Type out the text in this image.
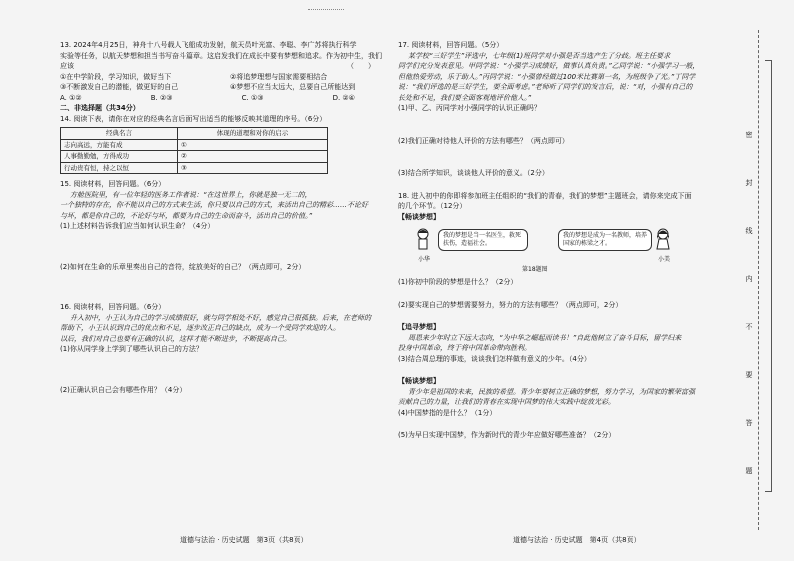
13. 2024年4月25日，神舟十八号载人飞船成功发射，航天员叶光富、李聪、李广苏将执行科学
实验等任务，以航天梦想和担当书写奋斗篇章。这启发我们在成长中要有梦想和追求。作为初中生，我们
应该	（　　）
①在中学阶段，学习知识，做好当下	②将追梦理想与国家需要相结合
③不断激发自己的潜能，做更好的自己	④梦想不应当太远大，总要自己所能达到
A. ①②	B. ②③	C. ①③	D. ②④
二、非选择题（共34分）
14. 阅读下表，请你在对应的经典名言后面写出适当的能够反映其道理的序号。（6分）
经典名言	体现的道理和对你的启示
志向高远，方能有成	①
人事勤勤勉，方得成功	②
行动贵有恒，持之以恒	③
15. 阅读材料，回答问题。（6分）
方舱医院里，有一位年轻的医务工作者说：“在这世界上，你就是独一无二的，
一个独特的存在，你不能以自己的方式来生活，你只要以自己的方式，来活出自己的精彩……不论好
与坏，都是你自己的，不论好与坏，都要为自己的生命而奋斗，活出自己的价值。”
(1)上述材料告诉我们应当如何认识生命？（4分）
(2)如何在生命的乐章里奏出自己的音符，绽放美好的自己？（两点即可，2分）
16. 阅读材料，回答问题。（6分）
升入初中，小王认为自己的学习成绩很好，就与同学相处不好，感觉自己很孤独。后来，在老师的
帮助下，小王认识到自己的优点和不足，逐步改正自己的缺点，成为一个受同学欢迎的人。
以后，我们对自己也要有正确的认识，这样才能不断进步，不断提高自己。
(1)你从同学身上学到了哪些认识自己的方法？
(2)正确认识自己会有哪些作用？（4分）
17. 阅读材料，回答问题。（5分）
某学校“三好学生”评选中，七年级(1)班同学对小强是否当选产生了分歧。班主任要求
同学们充分发表意见。甲同学说：“小强学习成绩好，做事认真负责。”乙同学说：“小强学习一般，
但他热爱劳动，乐于助人。”丙同学说：“小强曾经做过100米比赛第一名，为班级争了光。”丁同学
说：“我们评选的是三好学生，要全面考虑。”老师听了同学们的发言后，说：“对，小强有自己的
长处和不足，我们要全面客观地评价他人。”
(1)甲、乙、丙同学对小强同学的认识正确吗？
(2)我们正确对待他人评价的方法有哪些？（两点即可）
(3)结合所学知识，谈谈他人评价的意义。（2分）
18. 进入初中的你即将参加班主任组织的“我们的青春，我们的梦想”主题班会，请你来完成下面
的几个环节。（12分）
【畅谈梦想】
我的梦想是当一名医生，救死扶伤，造福社会。
我的梦想是成为一名教师，培养国家的栋梁之才。
小华	小美
第18题图
(1)你初中阶段的梦想是什么？（2分）
(2)要实现自己的梦想需要努力，努力的方法有哪些？（两点即可，2分）
【追寻梦想】
周恩来少年时立下远大志向，“为中华之崛起而读书！”自此他树立了奋斗目标，留学归来
投身中国革命，终于将中国革命带向胜利。
(3)结合周总理的事迹，谈谈我们怎样做有意义的少年。（4分）
【畅谈梦想】
青少年是祖国的未来，民族的希望。青少年要树立正确的梦想，努力学习，为国家的繁荣富强
贡献自己的力量，让我们的青春在实现中国梦的伟大实践中绽放光彩。
(4)中国梦指的是什么？（1分）
(5)为早日实现中国梦，作为新时代的青少年应做好哪些准备？（2分）
道德与法治 · 历史试题　第3页（共8页）	道德与法治 · 历史试题　第4页（共8页）
密
封
线
内
不
要
答
题
